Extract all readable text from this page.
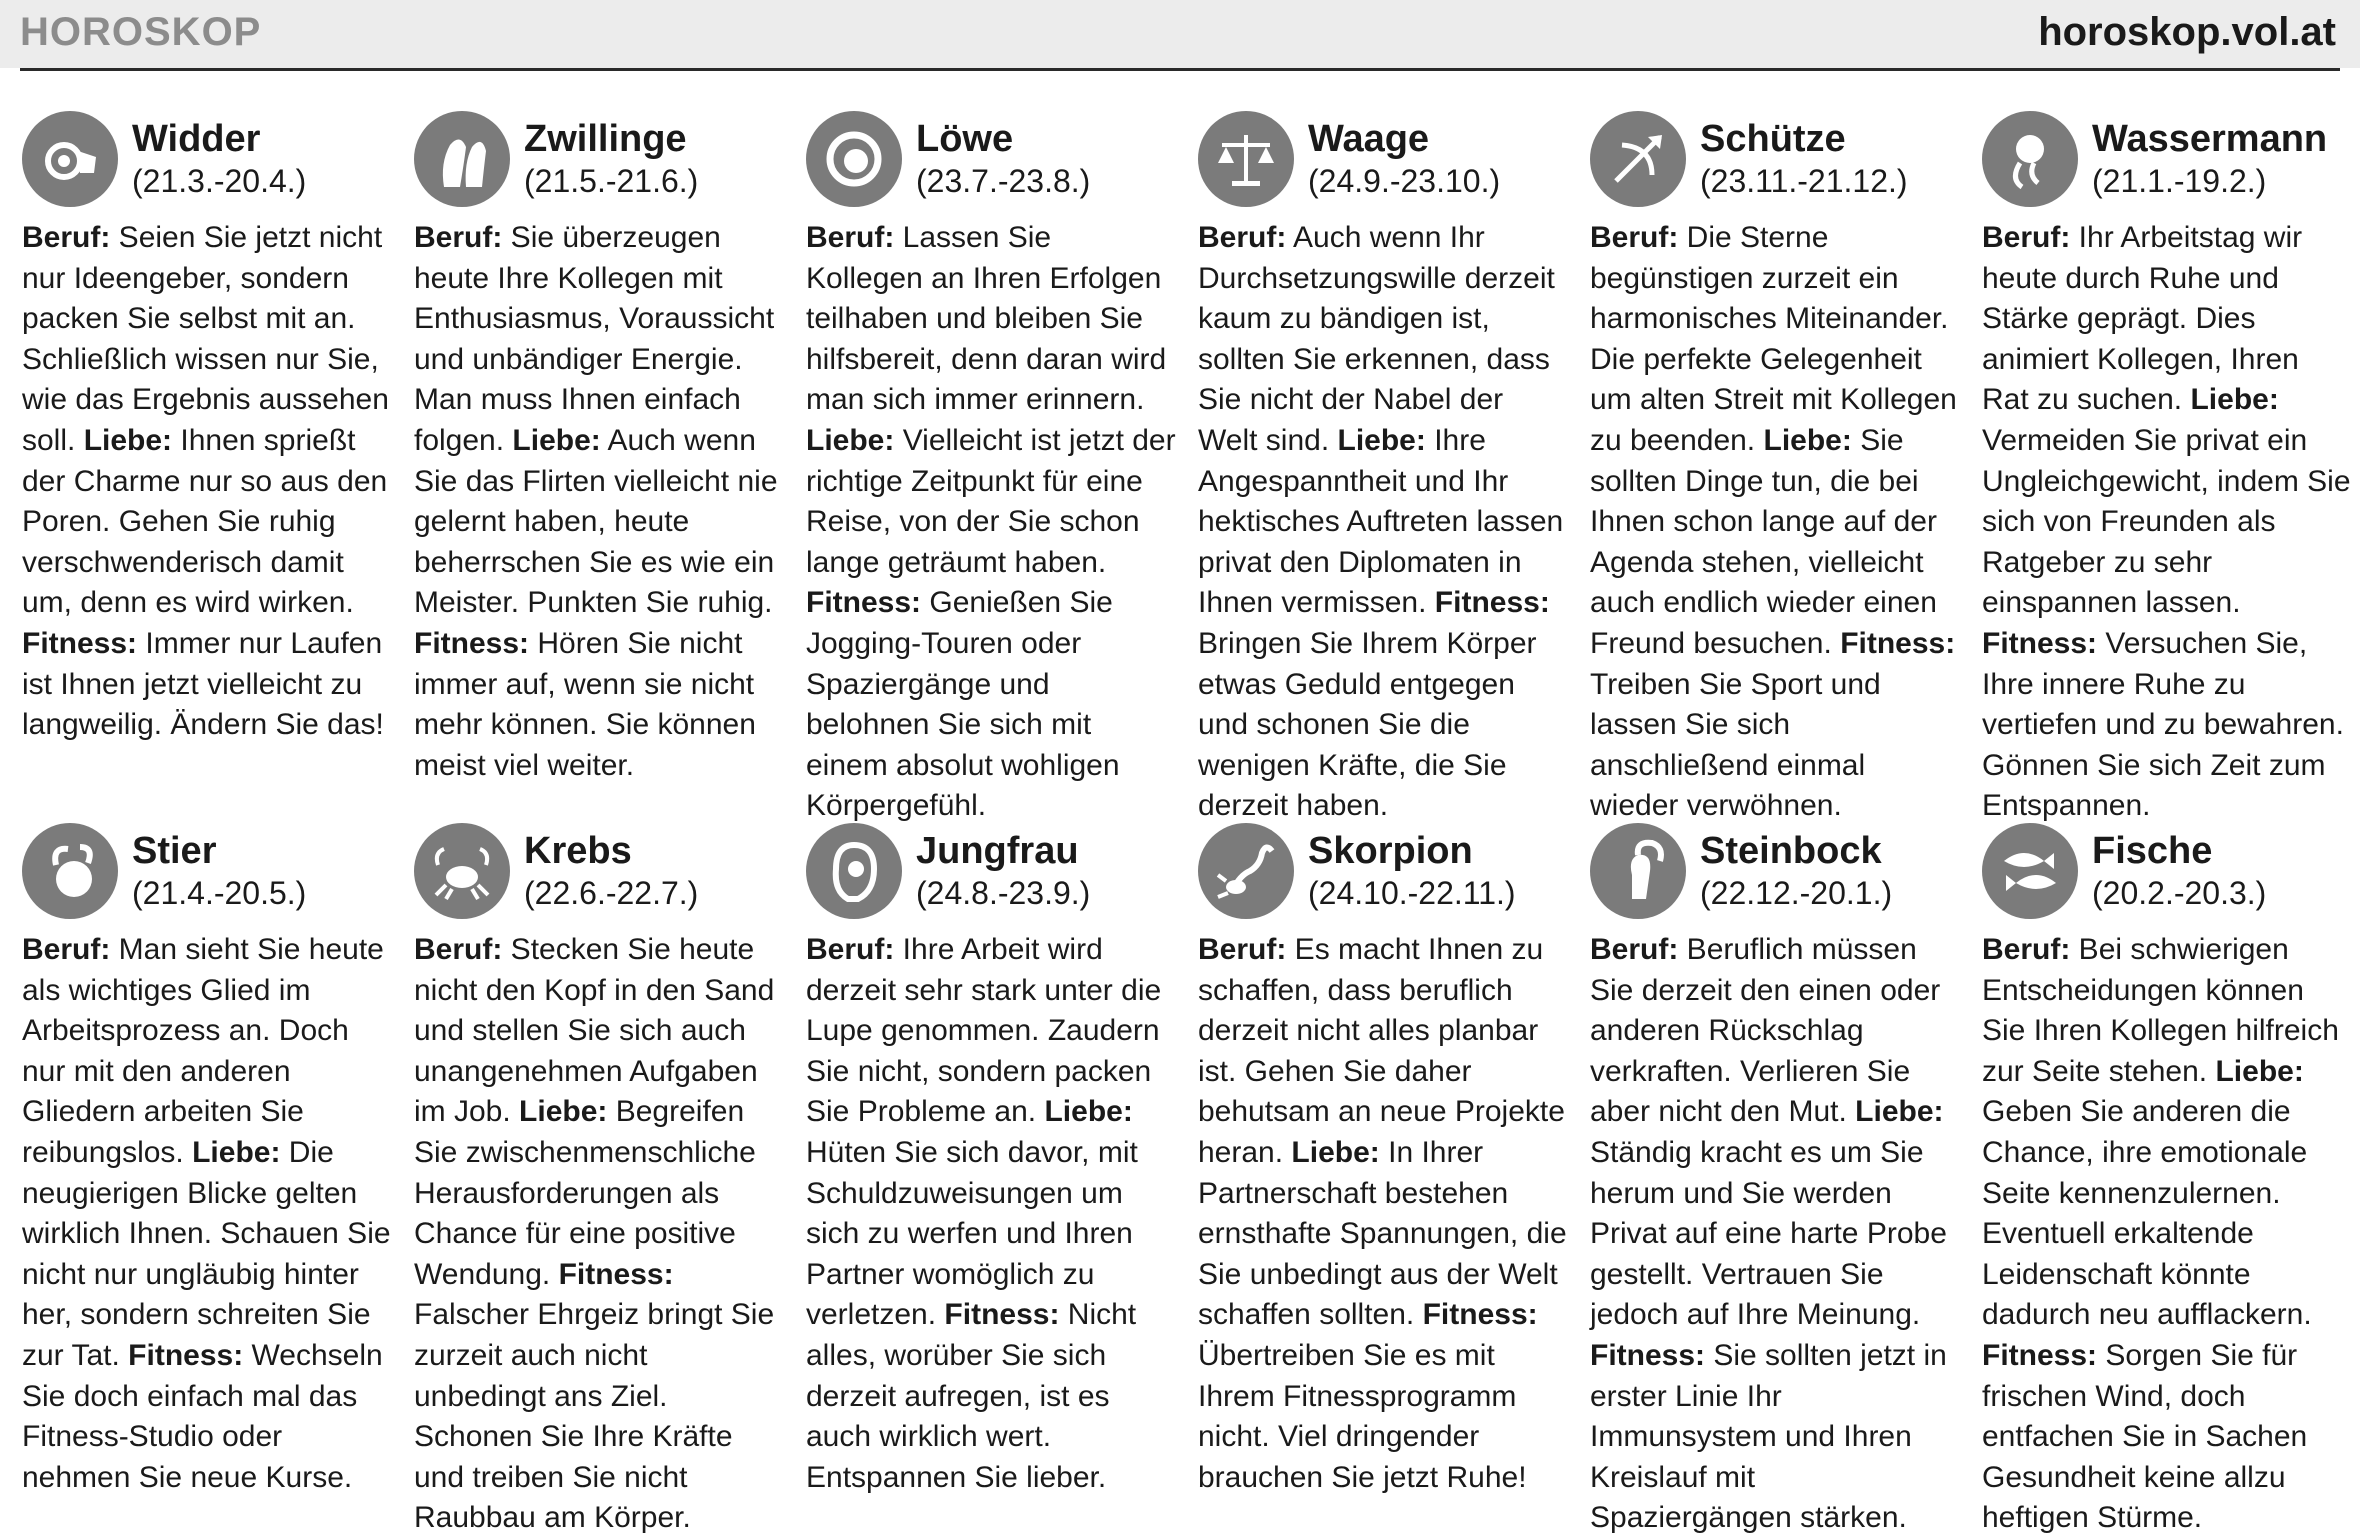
HOROSKOP	horoskop.vol.at
Widder
(21.3.-20.4.)
Beruf: Seien Sie jetzt nicht nur Ideengeber, sondern packen Sie selbst mit an. Schließlich wissen nur Sie, wie das Ergebnis aussehen soll. Liebe: Ihnen sprießt der Charme nur so aus den Poren. Gehen Sie ruhig verschwenderisch damit um, denn es wird wirken. Fitness: Immer nur Laufen ist Ihnen jetzt vielleicht zu langweilig. Ändern Sie das!
Zwillinge
(21.5.-21.6.)
Beruf: Sie überzeugen heute Ihre Kollegen mit Enthusiasmus, Voraussicht und unbändiger Energie. Man muss Ihnen einfach folgen. Liebe: Auch wenn Sie das Flirten vielleicht nie gelernt haben, heute beherrschen Sie es wie ein Meister. Punkten Sie ruhig. Fitness: Hören Sie nicht immer auf, wenn sie nicht mehr können. Sie können meist viel weiter.
Löwe
(23.7.-23.8.)
Beruf: Lassen Sie Kollegen an Ihren Erfolgen teilhaben und bleiben Sie hilfsbereit, denn daran wird man sich immer erinnern. Liebe: Vielleicht ist jetzt der richtige Zeitpunkt für eine Reise, von der Sie schon lange geträumt haben. Fitness: Genießen Sie Jogging-Touren oder Spaziergänge und belohnen Sie sich mit einem absolut wohligen Körpergefühl.
Waage
(24.9.-23.10.)
Beruf: Auch wenn Ihr Durchsetzungswille derzeit kaum zu bändigen ist, sollten Sie erkennen, dass Sie nicht der Nabel der Welt sind. Liebe: Ihre Angespanntheit und Ihr hektisches Auftreten lassen privat den Diplomaten in Ihnen vermissen. Fitness: Bringen Sie Ihrem Körper etwas Geduld entgegen und schonen Sie die wenigen Kräfte, die Sie derzeit haben.
Schütze
(23.11.-21.12.)
Beruf: Die Sterne begünstigen zurzeit ein harmonisches Miteinander. Die perfekte Gelegenheit um alten Streit mit Kollegen zu beenden. Liebe: Sie sollten Dinge tun, die bei Ihnen schon lange auf der Agenda stehen, vielleicht auch endlich wieder einen Freund besuchen. Fitness: Treiben Sie Sport und lassen Sie sich anschließend einmal wieder verwöhnen.
Wassermann
(21.1.-19.2.)
Beruf: Ihr Arbeitstag wir heute durch Ruhe und Stärke geprägt. Dies animiert Kollegen, Ihren Rat zu suchen. Liebe: Vermeiden Sie privat ein Ungleichgewicht, indem Sie sich von Freunden als Ratgeber zu sehr einspannen lassen. Fitness: Versuchen Sie, Ihre innere Ruhe zu vertiefen und zu bewahren. Gönnen Sie sich Zeit zum Entspannen.
Stier
(21.4.-20.5.)
Beruf: Man sieht Sie heute als wichtiges Glied im Arbeitsprozess an. Doch nur mit den anderen Gliedern arbeiten Sie reibungslos. Liebe: Die neugierigen Blicke gelten wirklich Ihnen. Schauen Sie nicht nur ungläubig hinter her, sondern schreiten Sie zur Tat. Fitness: Wechseln Sie doch einfach mal das Fitness-Studio oder nehmen Sie neue Kurse.
Krebs
(22.6.-22.7.)
Beruf: Stecken Sie heute nicht den Kopf in den Sand und stellen Sie sich auch unangenehmen Aufgaben im Job. Liebe: Begreifen Sie zwischenmenschliche Herausforderungen als Chance für eine positive Wendung. Fitness: Falscher Ehrgeiz bringt Sie zurzeit auch nicht unbedingt ans Ziel. Schonen Sie Ihre Kräfte und treiben Sie nicht Raubbau am Körper.
Jungfrau
(24.8.-23.9.)
Beruf: Ihre Arbeit wird derzeit sehr stark unter die Lupe genommen. Zaudern Sie nicht, sondern packen Sie Probleme an. Liebe: Hüten Sie sich davor, mit Schuldzuweisungen um sich zu werfen und Ihren Partner womöglich zu verletzen. Fitness: Nicht alles, worüber Sie sich derzeit aufregen, ist es auch wirklich wert. Entspannen Sie lieber.
Skorpion
(24.10.-22.11.)
Beruf: Es macht Ihnen zu schaffen, dass beruflich derzeit nicht alles planbar ist. Gehen Sie daher behutsam an neue Projekte heran. Liebe: In Ihrer Partnerschaft bestehen ernsthafte Spannungen, die Sie unbedingt aus der Welt schaffen sollten. Fitness: Übertreiben Sie es mit Ihrem Fitnessprogramm nicht. Viel dringender brauchen Sie jetzt Ruhe!
Steinbock
(22.12.-20.1.)
Beruf: Beruflich müssen Sie derzeit den einen oder anderen Rückschlag verkraften. Verlieren Sie aber nicht den Mut. Liebe: Ständig kracht es um Sie herum und Sie werden Privat auf eine harte Probe gestellt. Vertrauen Sie jedoch auf Ihre Meinung. Fitness: Sie sollten jetzt in erster Linie Ihr Immunsystem und Ihren Kreislauf mit Spaziergängen stärken.
Fische
(20.2.-20.3.)
Beruf: Bei schwierigen Entscheidungen können Sie Ihren Kollegen hilfreich zur Seite stehen. Liebe: Geben Sie anderen die Chance, ihre emotionale Seite kennenzulernen. Eventuell erkaltende Leidenschaft könnte dadurch neu aufflackern. Fitness: Sorgen Sie für frischen Wind, doch entfachen Sie in Sachen Gesundheit keine allzu heftigen Stürme.
